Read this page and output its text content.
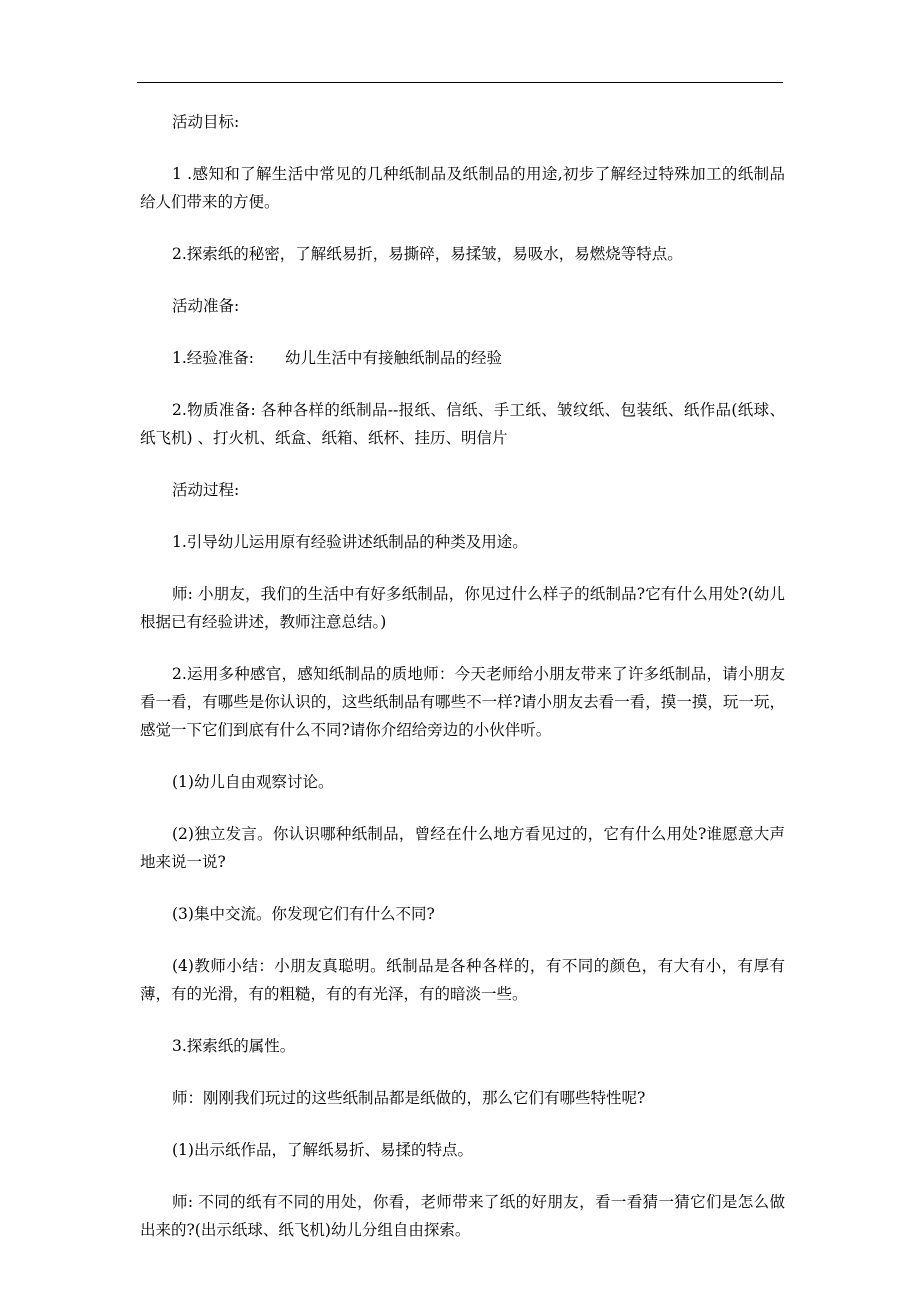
活动目标:

1 .感知和了解生活中常见的几种纸制品及纸制品的用途,初步了解经过特殊加工的纸制品给人们带来的方便。

2.探索纸的秘密，了解纸易折，易撕碎，易揉皱，易吸水，易燃烧等特点。

活动准备:

1.经验准备:　　幼儿生活中有接触纸制品的经验

2.物质准备: 各种各样的纸制品--报纸、信纸、手工纸、皱纹纸、包装纸、纸作品(纸球、纸飞机) 、打火机、纸盒、纸箱、纸杯、挂历、明信片

活动过程:

1.引导幼儿运用原有经验讲述纸制品的种类及用途。

师: 小朋友，我们的生活中有好多纸制品，你见过什么样子的纸制品?它有什么用处?(幼儿根据已有经验讲述，教师注意总结。)

2.运用多种感官，感知纸制品的质地师：今天老师给小朋友带来了许多纸制品，请小朋友看一看，有哪些是你认识的，这些纸制品有哪些不一样?请小朋友去看一看，摸一摸，玩一玩，感觉一下它们到底有什么不同?请你介绍给旁边的小伙伴听。

(1)幼儿自由观察讨论。

(2)独立发言。你认识哪种纸制品，曾经在什么地方看见过的，它有什么用处?谁愿意大声地来说一说?

(3)集中交流。你发现它们有什么不同?

(4)教师小结：小朋友真聪明。纸制品是各种各样的，有不同的颜色，有大有小，有厚有薄，有的光滑，有的粗糙，有的有光泽，有的暗淡一些。

3.探索纸的属性。

师：刚刚我们玩过的这些纸制品都是纸做的，那么它们有哪些特性呢?

(1)出示纸作品，了解纸易折、易揉的特点。

师: 不同的纸有不同的用处，你看，老师带来了纸的好朋友，看一看猜一猜它们是怎么做出来的?(出示纸球、纸飞机)幼儿分组自由探索。
